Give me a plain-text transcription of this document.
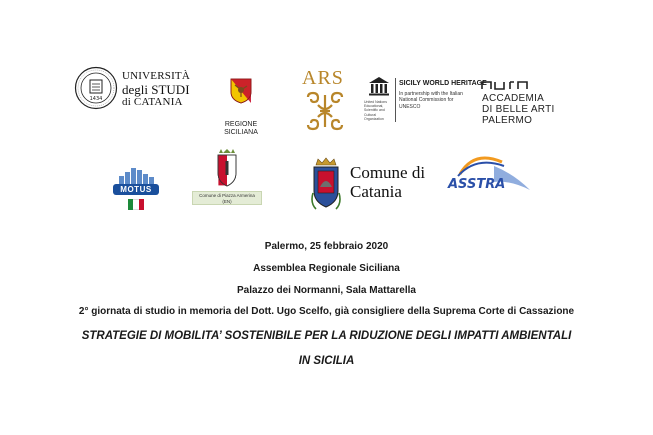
1434
UNIVERSITÀ
degli STUDI
di CATANIA
REGIONE SICILIANA
ARS
United Nations Educational, Scientific and Cultural Organization
SICILY WORLD HERITAGE
In partnership with the Italian National Commission for UNESCO
ACCADEMIA
DI BELLE ARTI
PALERMO
MOTUS
Comune di Piazza Armerina
(EN)
Comune di
Catania	ASSTRA
Palermo, 25 febbraio 2020
Assemblea Regionale Siciliana
Palazzo dei Normanni, Sala Mattarella
2° giornata di studio in memoria del Dott. Ugo Scelfo, già consigliere della Suprema Corte di Cassazione
STRATEGIE DI MOBILITA’ SOSTENIBILE PER LA RIDUZIONE DEGLI IMPATTI AMBIENTALI
IN SICILIA
